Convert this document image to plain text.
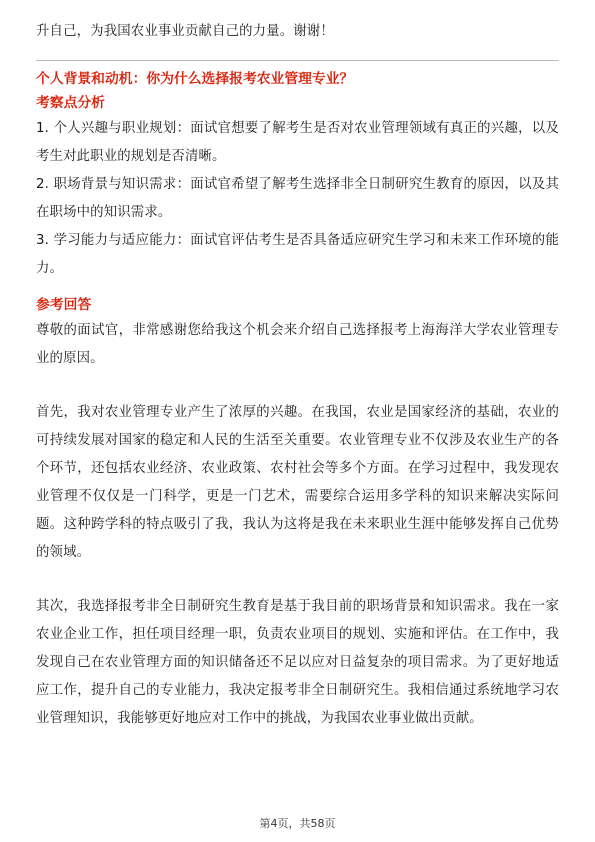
升自己，为我国农业事业贡献自己的力量。谢谢！

个人背景和动机：你为什么选择报考农业管理专业？

考察点分析

1. 个人兴趣与职业规划：面试官想要了解考生是否对农业管理领域有真正的兴趣，以及考生对此职业的规划是否清晰。

2. 职场背景与知识需求：面试官希望了解考生选择非全日制研究生教育的原因，以及其在职场中的知识需求。

3. 学习能力与适应能力：面试官评估考生是否具备适应研究生学习和未来工作环境的能力。

参考回答

尊敬的面试官，非常感谢您给我这个机会来介绍自己选择报考上海海洋大学农业管理专业的原因。

首先，我对农业管理专业产生了浓厚的兴趣。在我国，农业是国家经济的基础，农业的可持续发展对国家的稳定和人民的生活至关重要。农业管理专业不仅涉及农业生产的各个环节，还包括农业经济、农业政策、农村社会等多个方面。在学习过程中，我发现农业管理不仅仅是一门科学，更是一门艺术，需要综合运用多学科的知识来解决实际问题。这种跨学科的特点吸引了我，我认为这将是我在未来职业生涯中能够发挥自己优势的领域。

其次，我选择报考非全日制研究生教育是基于我目前的职场背景和知识需求。我在一家农业企业工作，担任项目经理一职，负责农业项目的规划、实施和评估。在工作中，我发现自己在农业管理方面的知识储备还不足以应对日益复杂的项目需求。为了更好地适应工作，提升自己的专业能力，我决定报考非全日制研究生。我相信通过系统地学习农业管理知识，我能够更好地应对工作中的挑战，为我国农业事业做出贡献。

第4页，共58页
